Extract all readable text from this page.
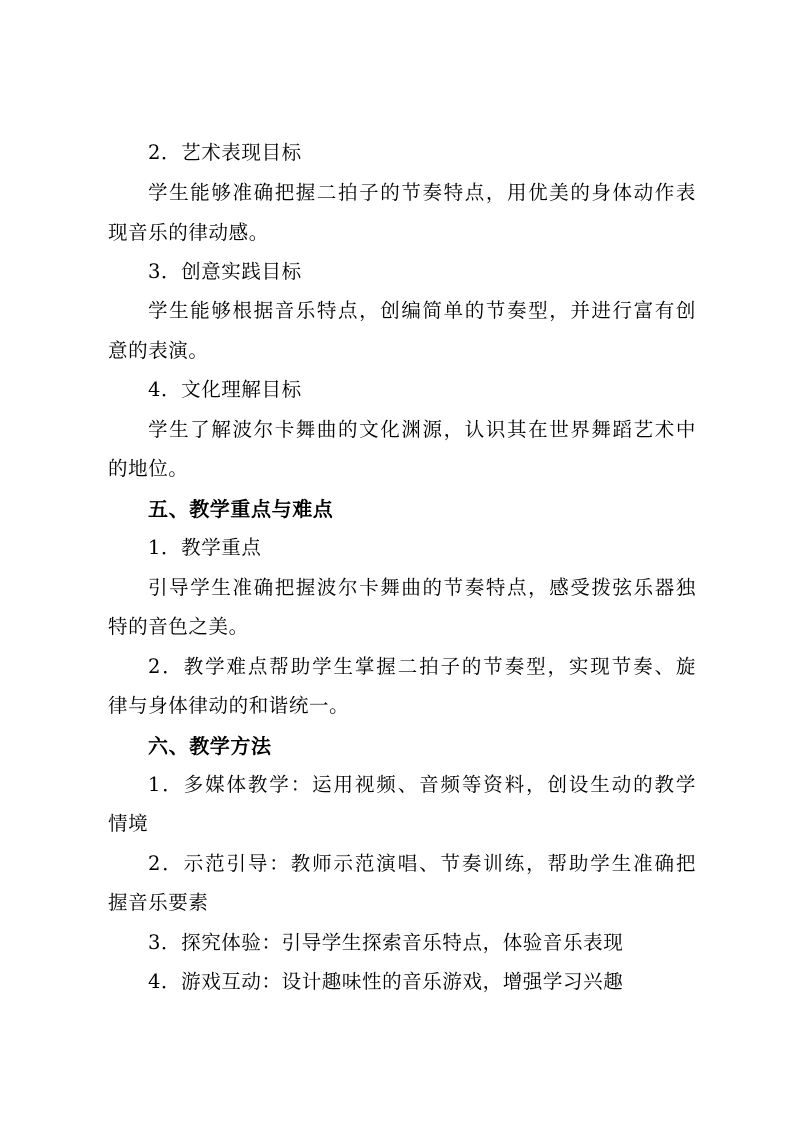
2．艺术表现目标
学生能够准确把握二拍子的节奏特点，用优美的身体动作表
现音乐的律动感。
3．创意实践目标
学生能够根据音乐特点，创编简单的节奏型，并进行富有创
意的表演。
4．文化理解目标
学生了解波尔卡舞曲的文化渊源，认识其在世界舞蹈艺术中
的地位。
五、教学重点与难点
1．教学重点
引导学生准确把握波尔卡舞曲的节奏特点，感受拨弦乐器独
特的音色之美。
2．教学难点帮助学生掌握二拍子的节奏型，实现节奏、旋
律与身体律动的和谐统一。
六、教学方法
1．多媒体教学：运用视频、音频等资料，创设生动的教学
情境
2．示范引导：教师示范演唱、节奏训练，帮助学生准确把
握音乐要素
3．探究体验：引导学生探索音乐特点，体验音乐表现
4．游戏互动：设计趣味性的音乐游戏，增强学习兴趣
